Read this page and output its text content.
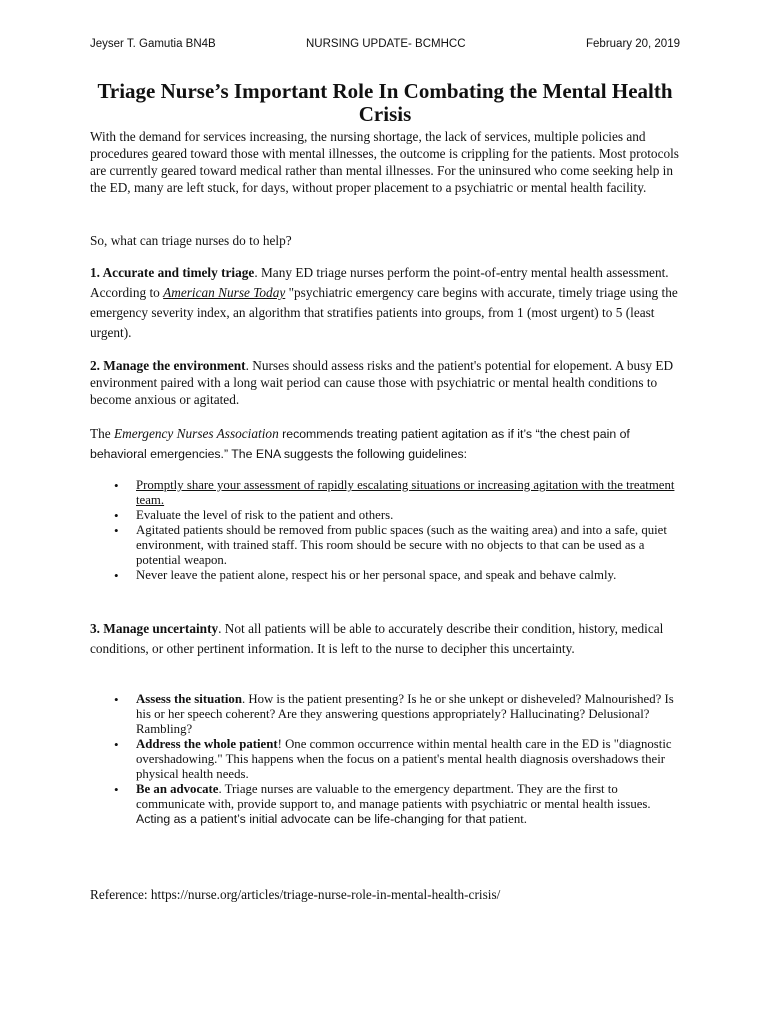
Jeyser T. Gamutia BN4B	NURSING UPDATE- BCMHCC	February 20, 2019
Triage Nurse’s Important Role In Combating the Mental Health Crisis

With the demand for services increasing, the nursing shortage, the lack of services, multiple policies and procedures geared toward those with mental illnesses, the outcome is crippling for the patients. Most protocols are currently geared toward medical rather than mental illnesses. For the uninsured who come seeking help in the ED, many are left stuck, for days, without proper placement to a psychiatric or mental health facility.

So, what can triage nurses do to help?

1. Accurate and timely triage. Many ED triage nurses perform the point-of-entry mental health assessment. According to American Nurse Today "psychiatric emergency care begins with accurate, timely triage using the emergency severity index, an algorithm that stratifies patients into groups, from 1 (most urgent) to 5 (least urgent).

2. Manage the environment. Nurses should assess risks and the patient's potential for elopement. A busy ED environment paired with a long wait period can cause those with psychiatric or mental health conditions to become anxious or agitated.

The Emergency Nurses Association recommends treating patient agitation as if it’s “the chest pain of behavioral emergencies.” The ENA suggests the following guidelines:

• Promptly share your assessment of rapidly escalating situations or increasing agitation with the treatment team.
• Evaluate the level of risk to the patient and others.
• Agitated patients should be removed from public spaces (such as the waiting area) and into a safe, quiet environment, with trained staff. This room should be secure with no objects to that can be used as a potential weapon.
• Never leave the patient alone, respect his or her personal space, and speak and behave calmly.

3. Manage uncertainty. Not all patients will be able to accurately describe their condition, history, medical conditions, or other pertinent information. It is left to the nurse to decipher this uncertainty.

• Assess the situation. How is the patient presenting? Is he or she unkept or disheveled? Malnourished? Is his or her speech coherent? Are they answering questions appropriately? Hallucinating? Delusional? Rambling?
• Address the whole patient! One common occurrence within mental health care in the ED is "diagnostic overshadowing." This happens when the focus on a patient's mental health diagnosis overshadows their physical health needs.
• Be an advocate. Triage nurses are valuable to the emergency department. They are the first to communicate with, provide support to, and manage patients with psychiatric or mental health issues. Acting as a patient’s initial advocate can be life-changing for that patient.

Reference: https://nurse.org/articles/triage-nurse-role-in-mental-health-crisis/
